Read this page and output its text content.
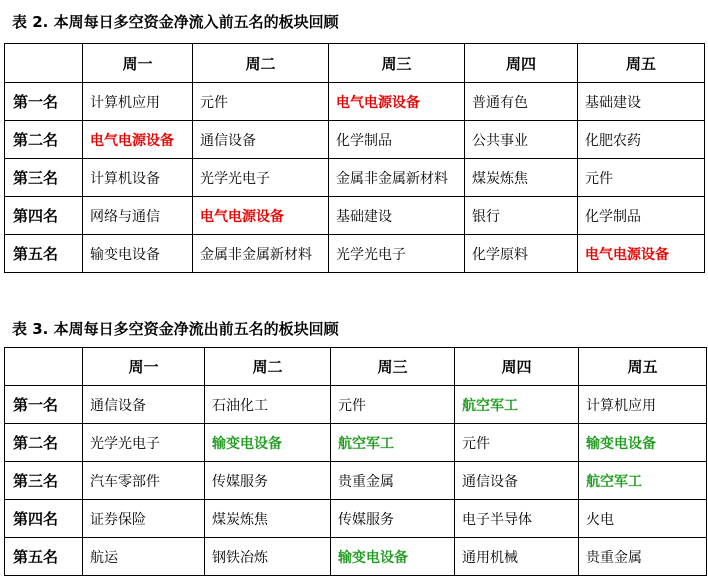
表 2. 本周每日多空资金净流入前五名的板块回顾
	周一	周二	周三	周四	周五
第一名	计算机应用	元件	电气电源设备	普通有色	基础建设
第二名	电气电源设备	通信设备	化学制品	公共事业	化肥农药
第三名	计算机设备	光学光电子	金属非金属新材料	煤炭炼焦	元件
第四名	网络与通信	电气电源设备	基础建设	银行	化学制品
第五名	输变电设备	金属非金属新材料	光学光电子	化学原料	电气电源设备
表 3. 本周每日多空资金净流出前五名的板块回顾
	周一	周二	周三	周四	周五
第一名	通信设备	石油化工	元件	航空军工	计算机应用
第二名	光学光电子	输变电设备	航空军工	元件	输变电设备
第三名	汽车零部件	传媒服务	贵重金属	通信设备	航空军工
第四名	证券保险	煤炭炼焦	传媒服务	电子半导体	火电
第五名	航运	钢铁冶炼	输变电设备	通用机械	贵重金属
